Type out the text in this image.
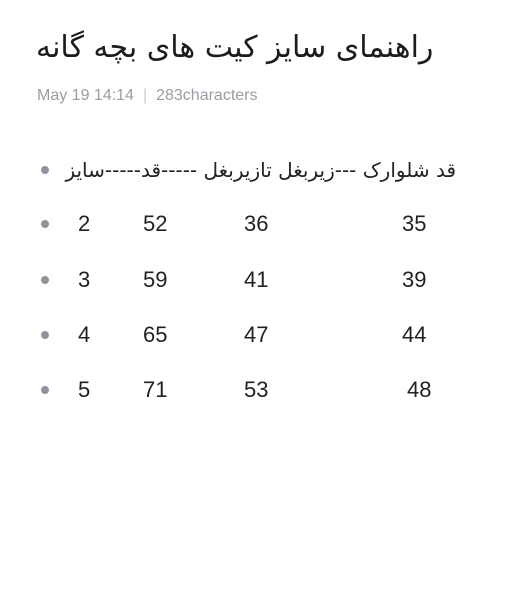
راهنمای سایز کیت های بچه گانه
May 19 14:14 | 283characters
قد شلوارک ---زیربغل تازیربغل -----قد-----سایز
2 52	36	35
3 59	41	39
4 65	47	44
5 71	53	48
